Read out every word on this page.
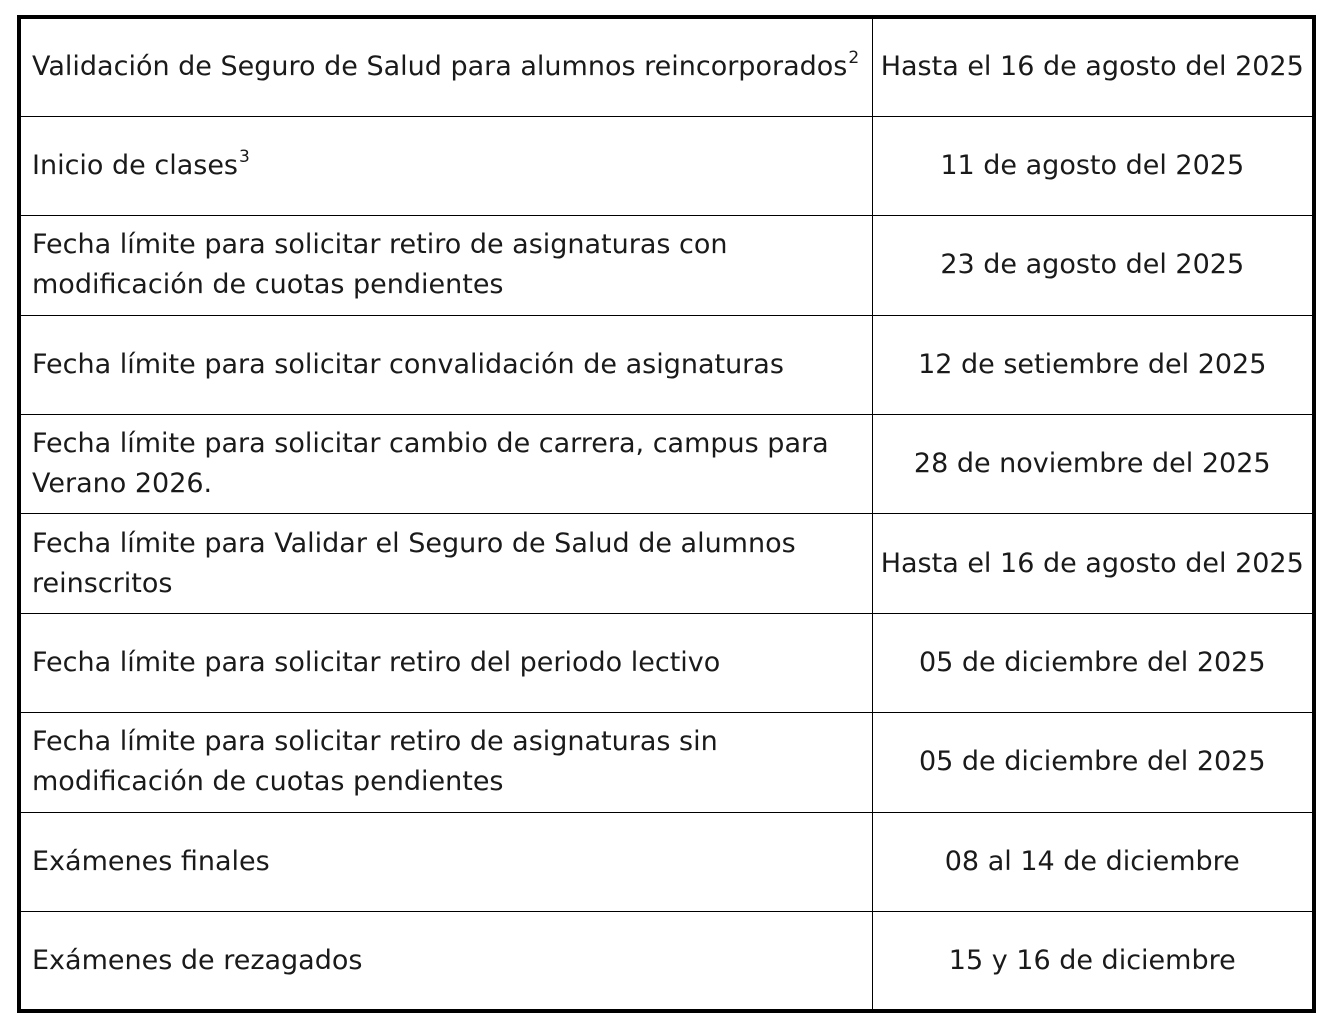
Validación de Seguro de Salud para alumnos reincorporados$^2$	Hasta el 16 de agosto del 2025
Inicio de clases$^3$	11 de agosto del 2025
Fecha límite para solicitar retiro de asignaturas con modificación de cuotas pendientes	23 de agosto del 2025
Fecha límite para solicitar convalidación de asignaturas	12 de setiembre del 2025
Fecha límite para solicitar cambio de carrera, campus para Verano 2026.	28 de noviembre del 2025
Fecha límite para Validar el Seguro de Salud de alumnos reinscritos	Hasta el 16 de agosto del 2025
Fecha límite para solicitar retiro del periodo lectivo	05 de diciembre del 2025
Fecha límite para solicitar retiro de asignaturas sin modificación de cuotas pendientes	05 de diciembre del 2025
Exámenes finales	08 al 14 de diciembre
Exámenes de rezagados	15 y 16 de diciembre
